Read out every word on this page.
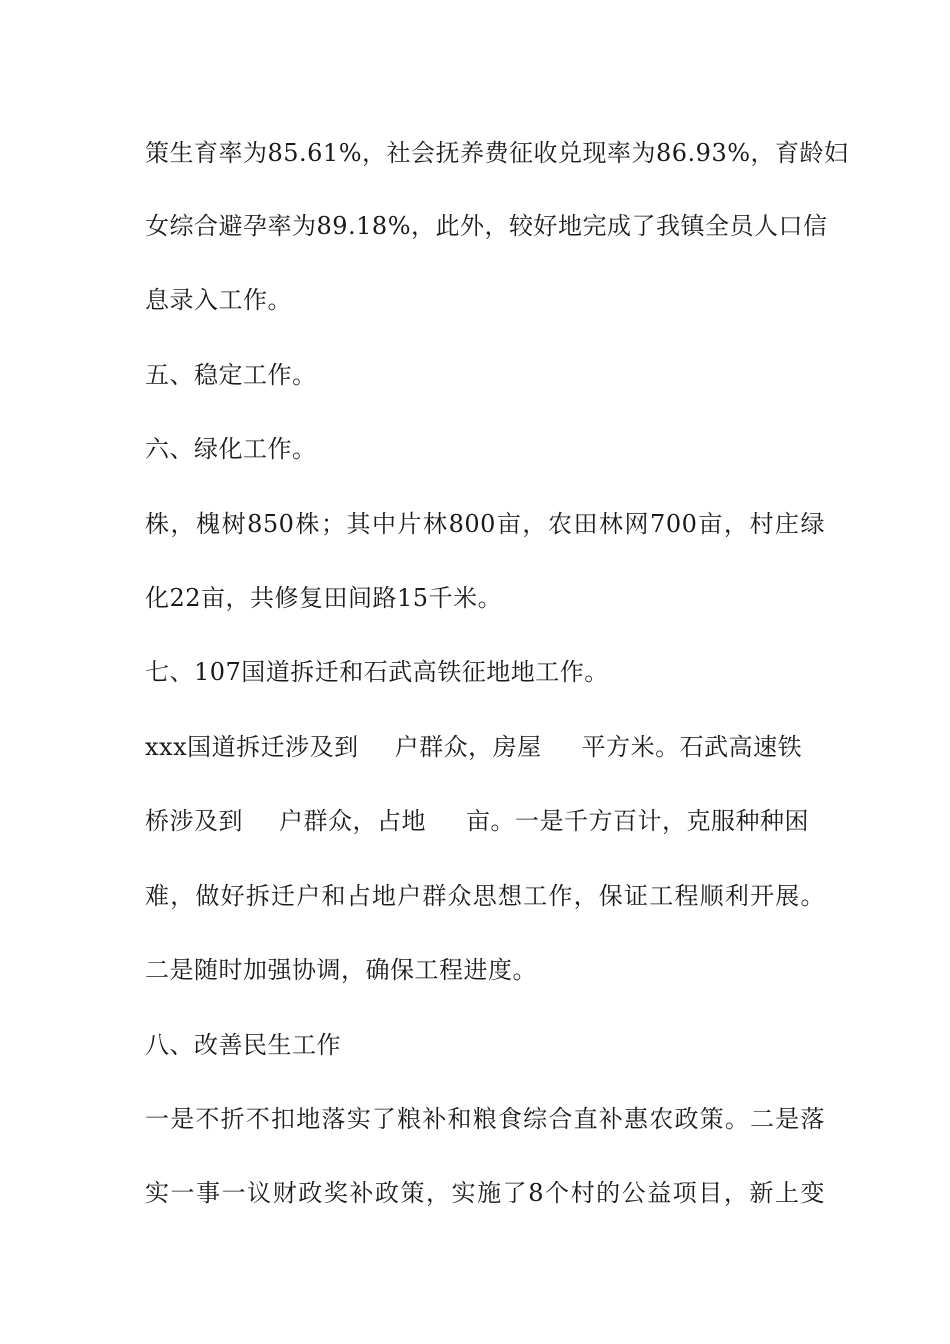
策生育率为85.61%，社会抚养费征收兑现率为86.93%，育龄妇
女综合避孕率为89.18%，此外，较好地完成了我镇全员人口信
息录入工作。
五、稳定工作。
六、绿化工作。
株，槐树850株；其中片林800亩，农田林网700亩，村庄绿
化22亩，共修复田间路15千米。
七、107国道拆迁和石武高铁征地地工作。
xxx国道拆迁涉及到 户群众，房屋 平方米。石武高速铁
桥涉及到 户群众，占地 亩。一是千方百计，克服种种困
难，做好拆迁户和占地户群众思想工作，保证工程顺利开展。
二是随时加强协调，确保工程进度。
八、改善民生工作
一是不折不扣地落实了粮补和粮食综合直补惠农政策。二是落
实一事一议财政奖补政策，实施了8个村的公益项目，新上变
